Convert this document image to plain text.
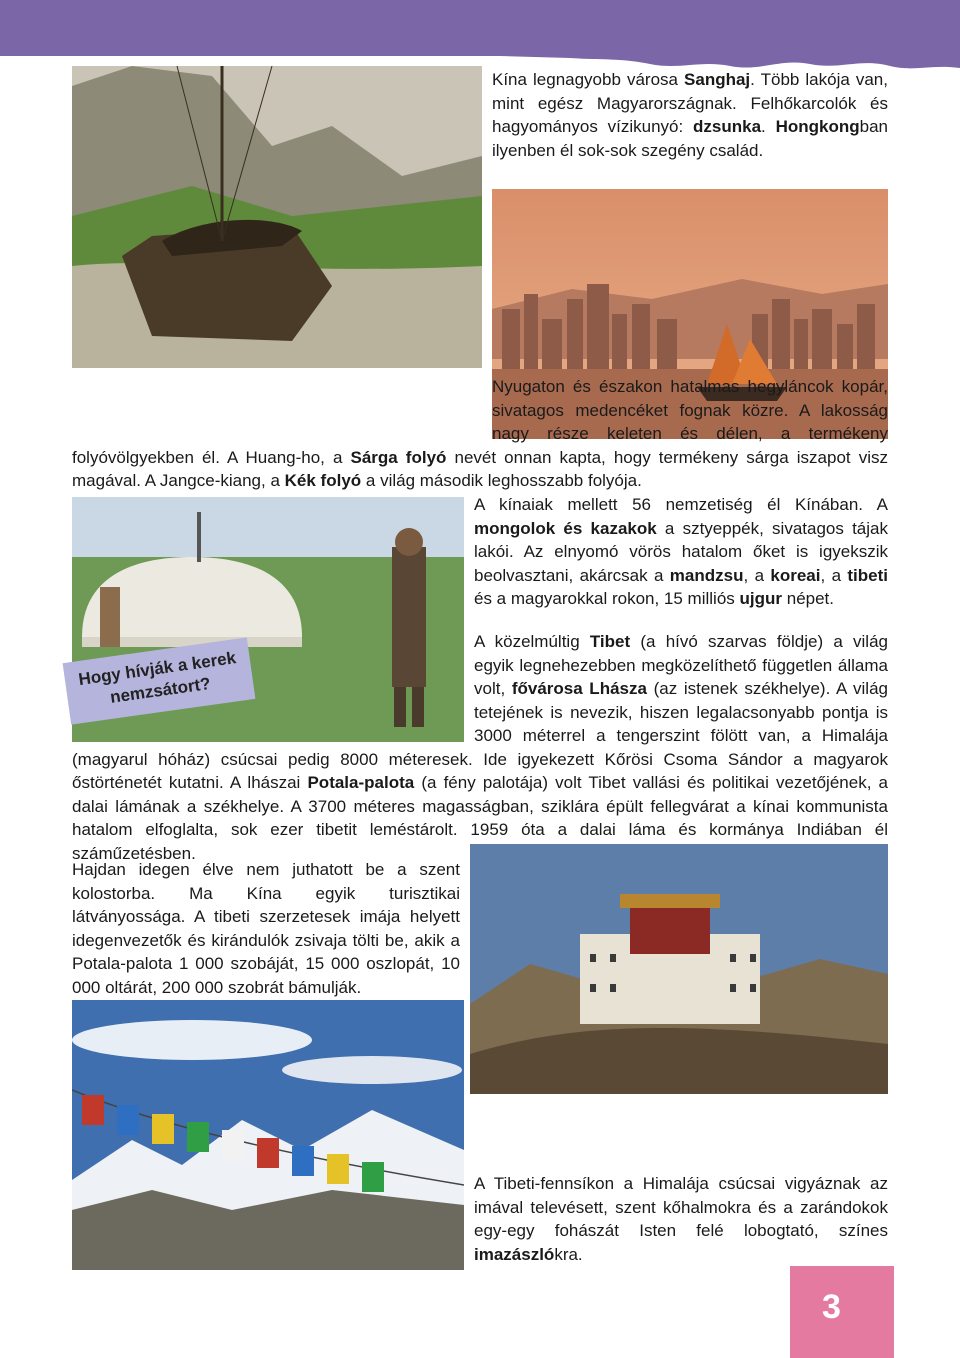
Kína legnagyobb városa Sanghaj. Több lakója van, mint egész Magyarországnak. Felhőkarcolók és hagyományos vízikunyó: dzsunka. Hongkongban ilyenben él sok-sok szegény család.
Nyugaton és északon hatalmas hegyláncok kopár, sivatagos medencéket fognak közre. A lakosság nagy része keleten és délen, a termékeny folyóvölgyekben él. A Huang-ho, a Sárga folyó nevét onnan kapta, hogy termékeny sárga iszapot visz magával. A Jangce-kiang, a Kék folyó a világ második leghosszabb folyója.
Hogy hívják a kerek nemzsátort?
A kínaiak mellett 56 nemzetiség él Kínában. A mongolok és kazakok a sztyeppék, sivatagos tájak lakói. Az elnyomó vörös hatalom őket is igyekszik beolvasztani, akárcsak a mandzsu, a koreai, a tibeti és a magyarokkal rokon, 15 milliós ujgur népet.
A közelmúltig Tibet (a hívó szarvas földje) a világ egyik legnehezebben megközelíthető független állama volt, fővárosa Lhásza (az istenek székhelye). A világ tetejének is nevezik, hiszen legalacsonyabb pontja is 3000 méterrel a tengerszint fölött van, a Himalája (magyarul hóház) csúcsai pedig 8000 méteresek. Ide igyekezett Kőrösi Csoma Sándor a magyarok őstörténetét kutatni. A lhászai Potala-palota (a fény palotája) volt Tibet vallási és politikai vezetőjének, a dalai lámának a székhelye. A 3700 méteres magasságban, sziklára épült fellegvárat a kínai kommunista hatalom elfoglalta, sok ezer tibetit leméstárolt. 1959 óta a dalai láma és kormánya Indiában él száműzetésben.
Hajdan idegen élve nem juthatott be a szent kolostorba. Ma Kína egyik turisztikai látványossága. A tibeti szerzetesek imája helyett idegenvezetők és kirándulók zsivaja tölti be, akik a Potala-palota 1 000 szobáját, 15 000 oszlopát, 10 000 oltárát, 200 000 szobrát bámulják.
A Tibeti-fennsíkon a Himalája csúcsai vigyáznak az imával televésett, szent kőhalmokra és a zarándokok egy-egy fohászát Isten felé lobogtató, színes imazászlókra.
3
